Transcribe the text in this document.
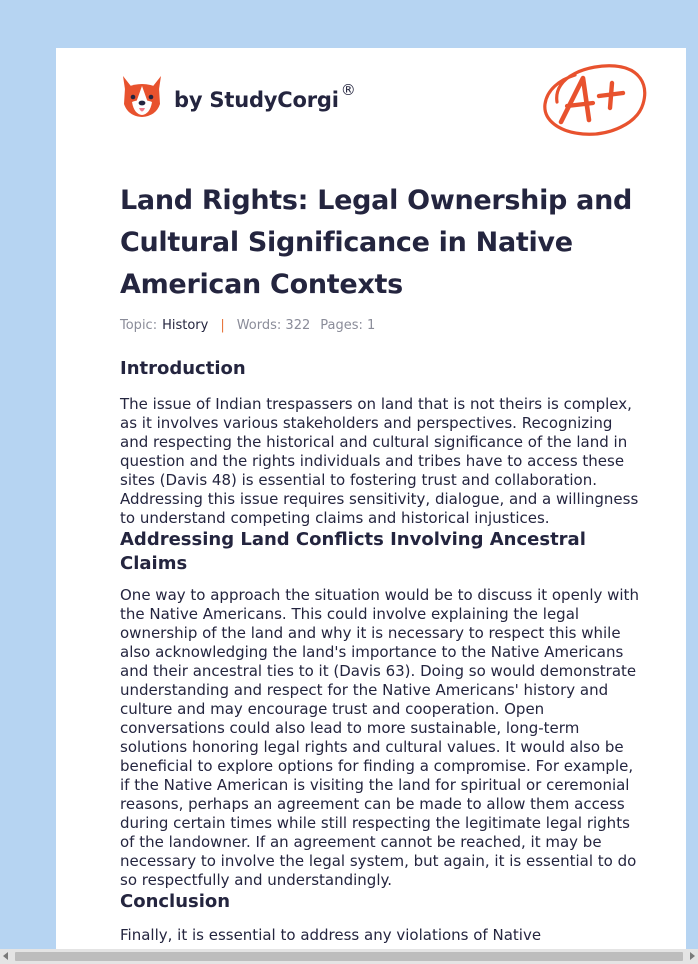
by StudyCorgi ®
Land Rights: Legal Ownership and Cultural Significance in Native American Contexts
Topic: History | Words: 322 Pages: 1
Introduction

The issue of Indian trespassers on land that is not theirs is complex, as it involves various stakeholders and perspectives. Recognizing and respecting the historical and cultural significance of the land in question and the rights individuals and tribes have to access these sites (Davis 48) is essential to fostering trust and collaboration. Addressing this issue requires sensitivity, dialogue, and a willingness to understand competing claims and historical injustices.

Addressing Land Conflicts Involving Ancestral Claims

One way to approach the situation would be to discuss it openly with the Native Americans. This could involve explaining the legal ownership of the land and why it is necessary to respect this while also acknowledging the land's importance to the Native Americans and their ancestral ties to it (Davis 63). Doing so would demonstrate understanding and respect for the Native Americans' history and culture and may encourage trust and cooperation. Open conversations could also lead to more sustainable, long-term solutions honoring legal rights and cultural values. It would also be beneficial to explore options for finding a compromise. For example, if the Native American is visiting the land for spiritual or ceremonial reasons, perhaps an agreement can be made to allow them access during certain times while still respecting the legitimate legal rights of the landowner. If an agreement cannot be reached, it may be necessary to involve the legal system, but again, it is essential to do so respectfully and understandingly.

Conclusion

Finally, it is essential to address any violations of Native
